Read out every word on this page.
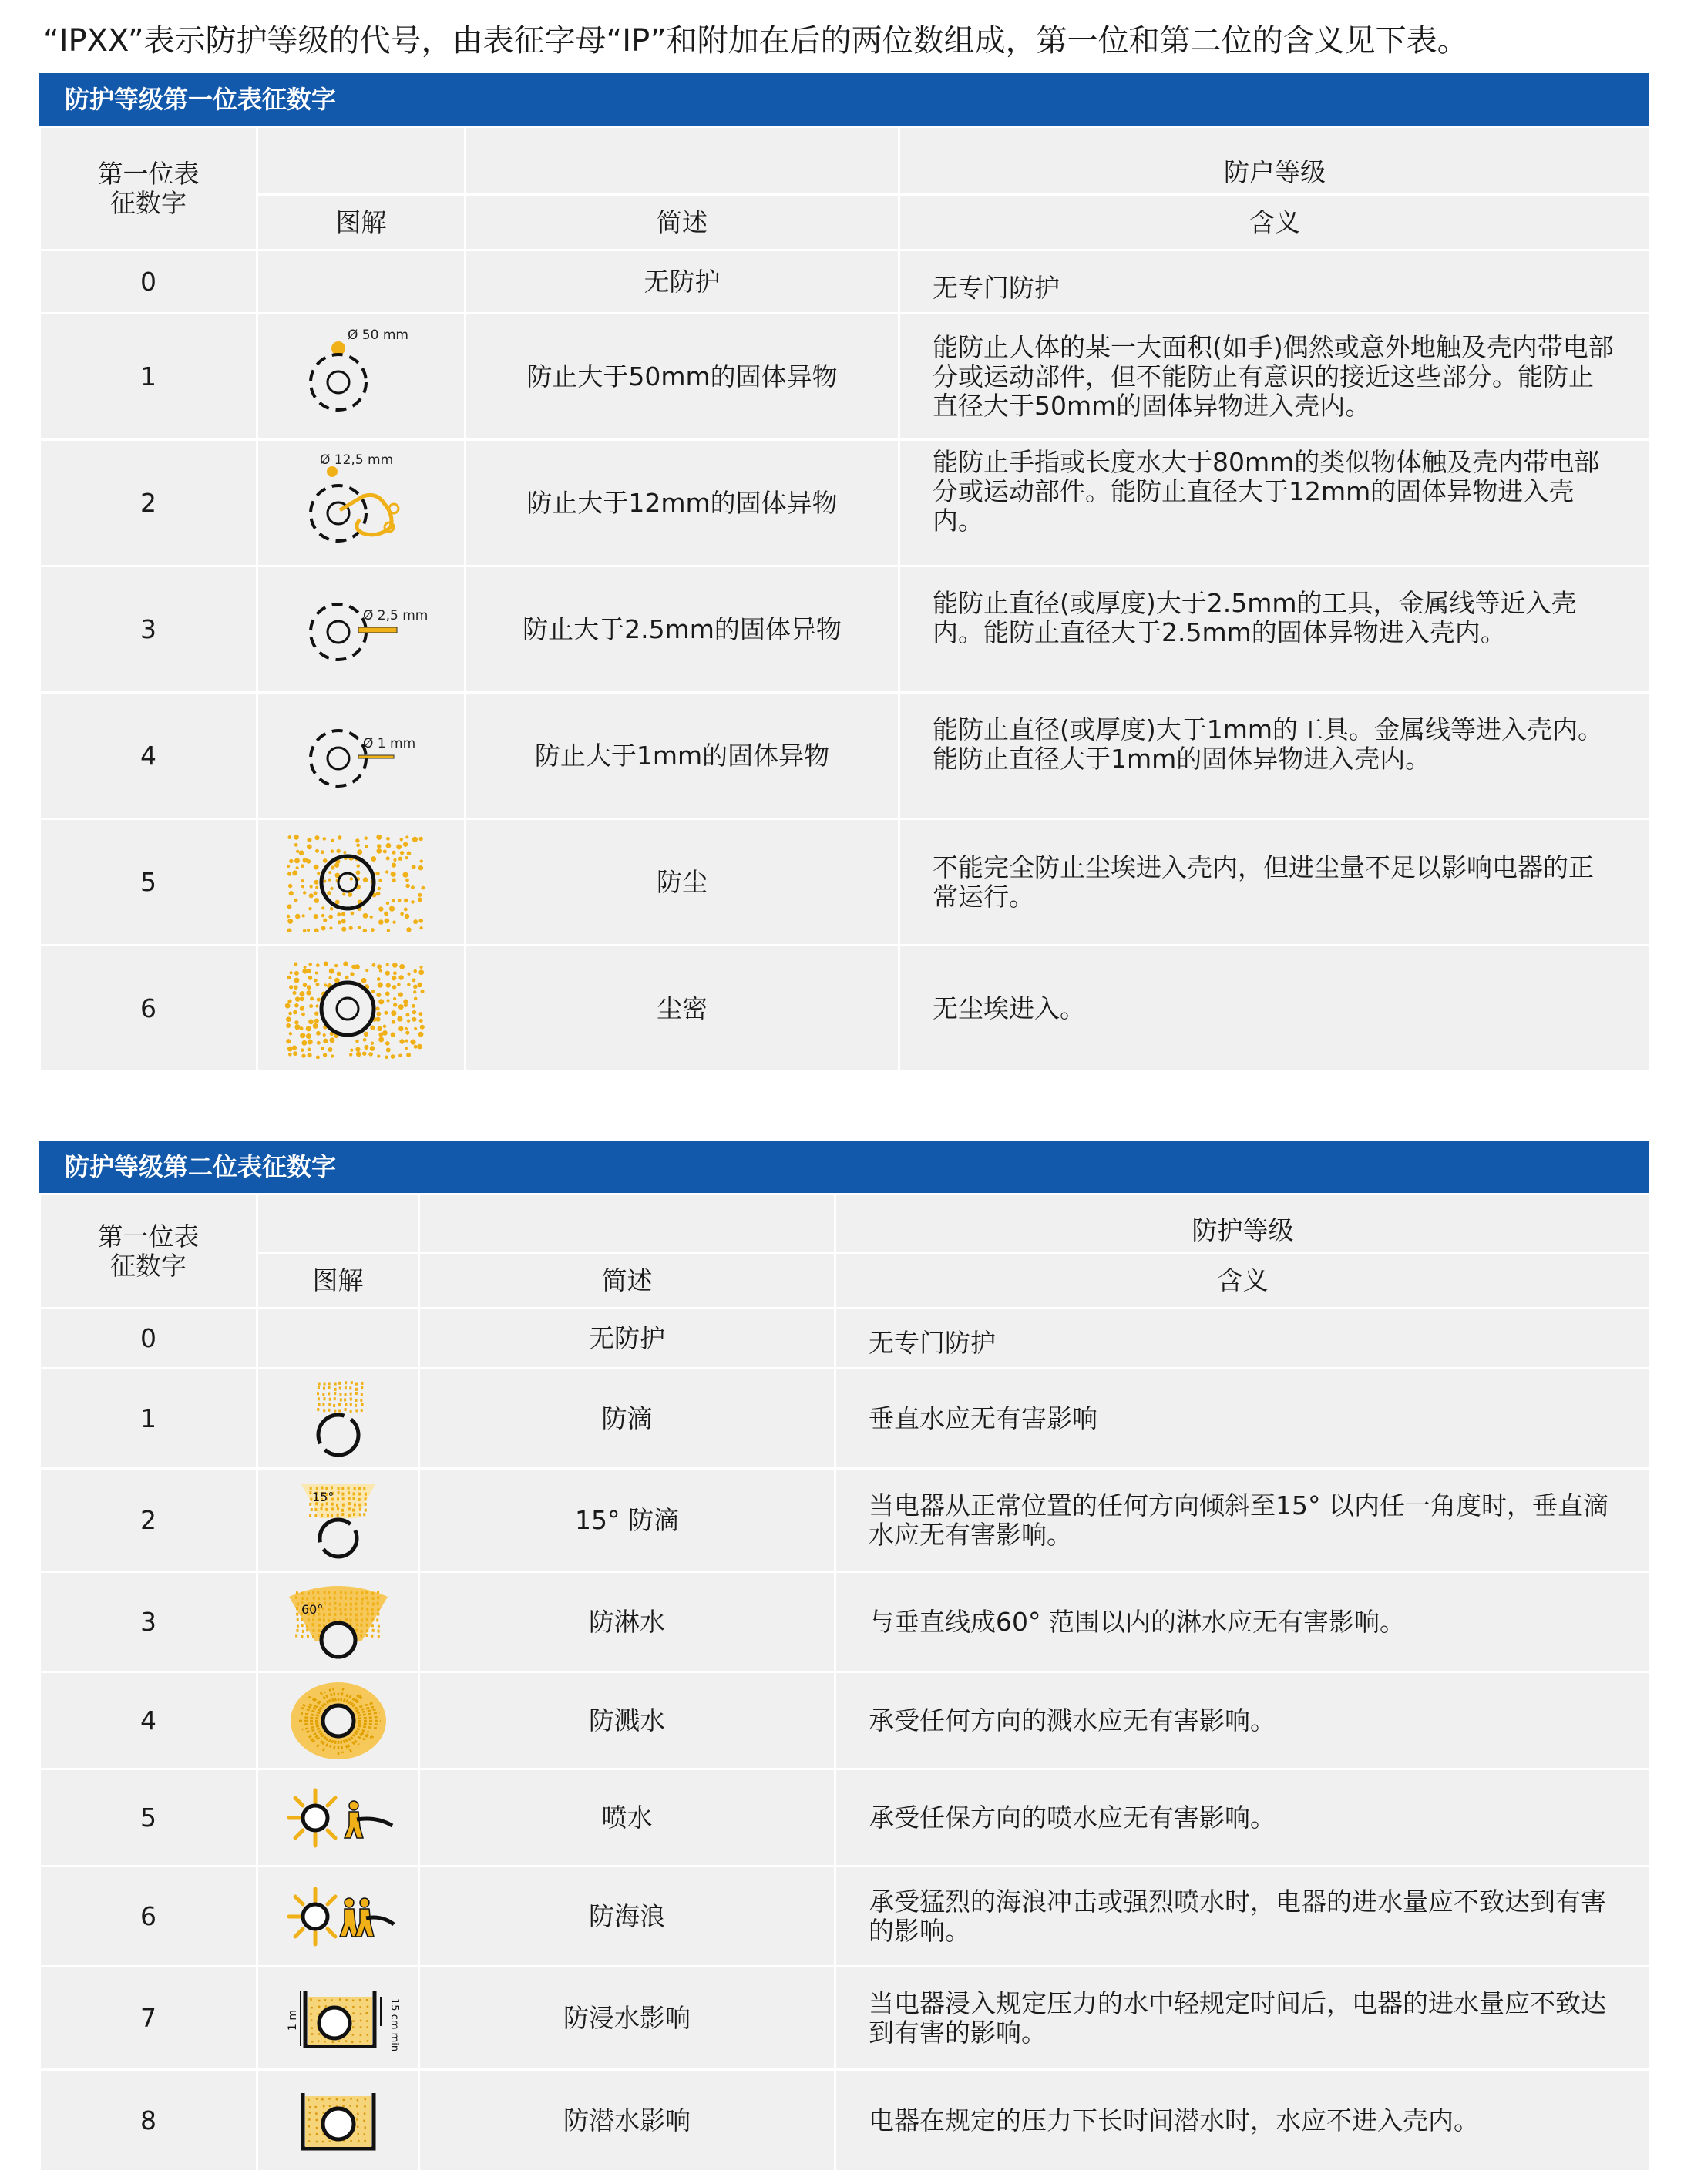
“IPXX”表示防护等级的代号，由表征字母“IP”和附加在后的两位数组成，第一位和第二位的含义见下表。
防护等级第一位表征数字
第一位表征数字			防户等级
	图解	简述	含义
0		无防护	无专门防护
1	Ø 50 mm	防止大于50mm的固体异物	能防止人体的某一大面积(如手)偶然或意外地触及壳内带电部分或运动部件，但不能防止有意识的接近这些部分。能防止直径大于50mm的固体异物进入壳内。
2	Ø 12,5 mm	防止大于12mm的固体异物	能防止手指或长度水大于80mm的类似物体触及壳内带电部分或运动部件。能防止直径大于12mm的固体异物进入壳内。
3	Ø 2,5 mm	防止大于2.5mm的固体异物	能防止直径(或厚度)大于2.5mm的工具，金属线等近入壳内。能防止直径大于2.5mm的固体异物进入壳内。
4	Ø 1 mm	防止大于1mm的固体异物	能防止直径(或厚度)大于1mm的工具。金属线等进入壳内。能防止直径大于1mm的固体异物进入壳内。
5		防尘	不能完全防止尘埃进入壳内，但进尘量不足以影响电器的正常运行。
6		尘密	无尘埃进入。
防护等级第二位表征数字
第一位表征数字			防护等级
	图解	简述	含义
0		无防护	无专门防护
1		防滴	垂直水应无有害影响
2	15°	15° 防滴	当电器从正常位置的任何方向倾斜至15° 以内任一角度时，垂直滴水应无有害影响。
3	60°	防淋水	与垂直线成60° 范围以内的淋水应无有害影响。
4		防溅水	承受任何方向的溅水应无有害影响。
5		喷水	承受任保方向的喷水应无有害影响。
6		防海浪	承受猛烈的海浪冲击或强烈喷水时，电器的进水量应不致达到有害的影响。
7	1 m 15 cm min	防浸水影响	当电器浸入规定压力的水中轻规定时间后，电器的进水量应不致达到有害的影响。
8		防潜水影响	电器在规定的压力下长时间潜水时，水应不进入壳内。
